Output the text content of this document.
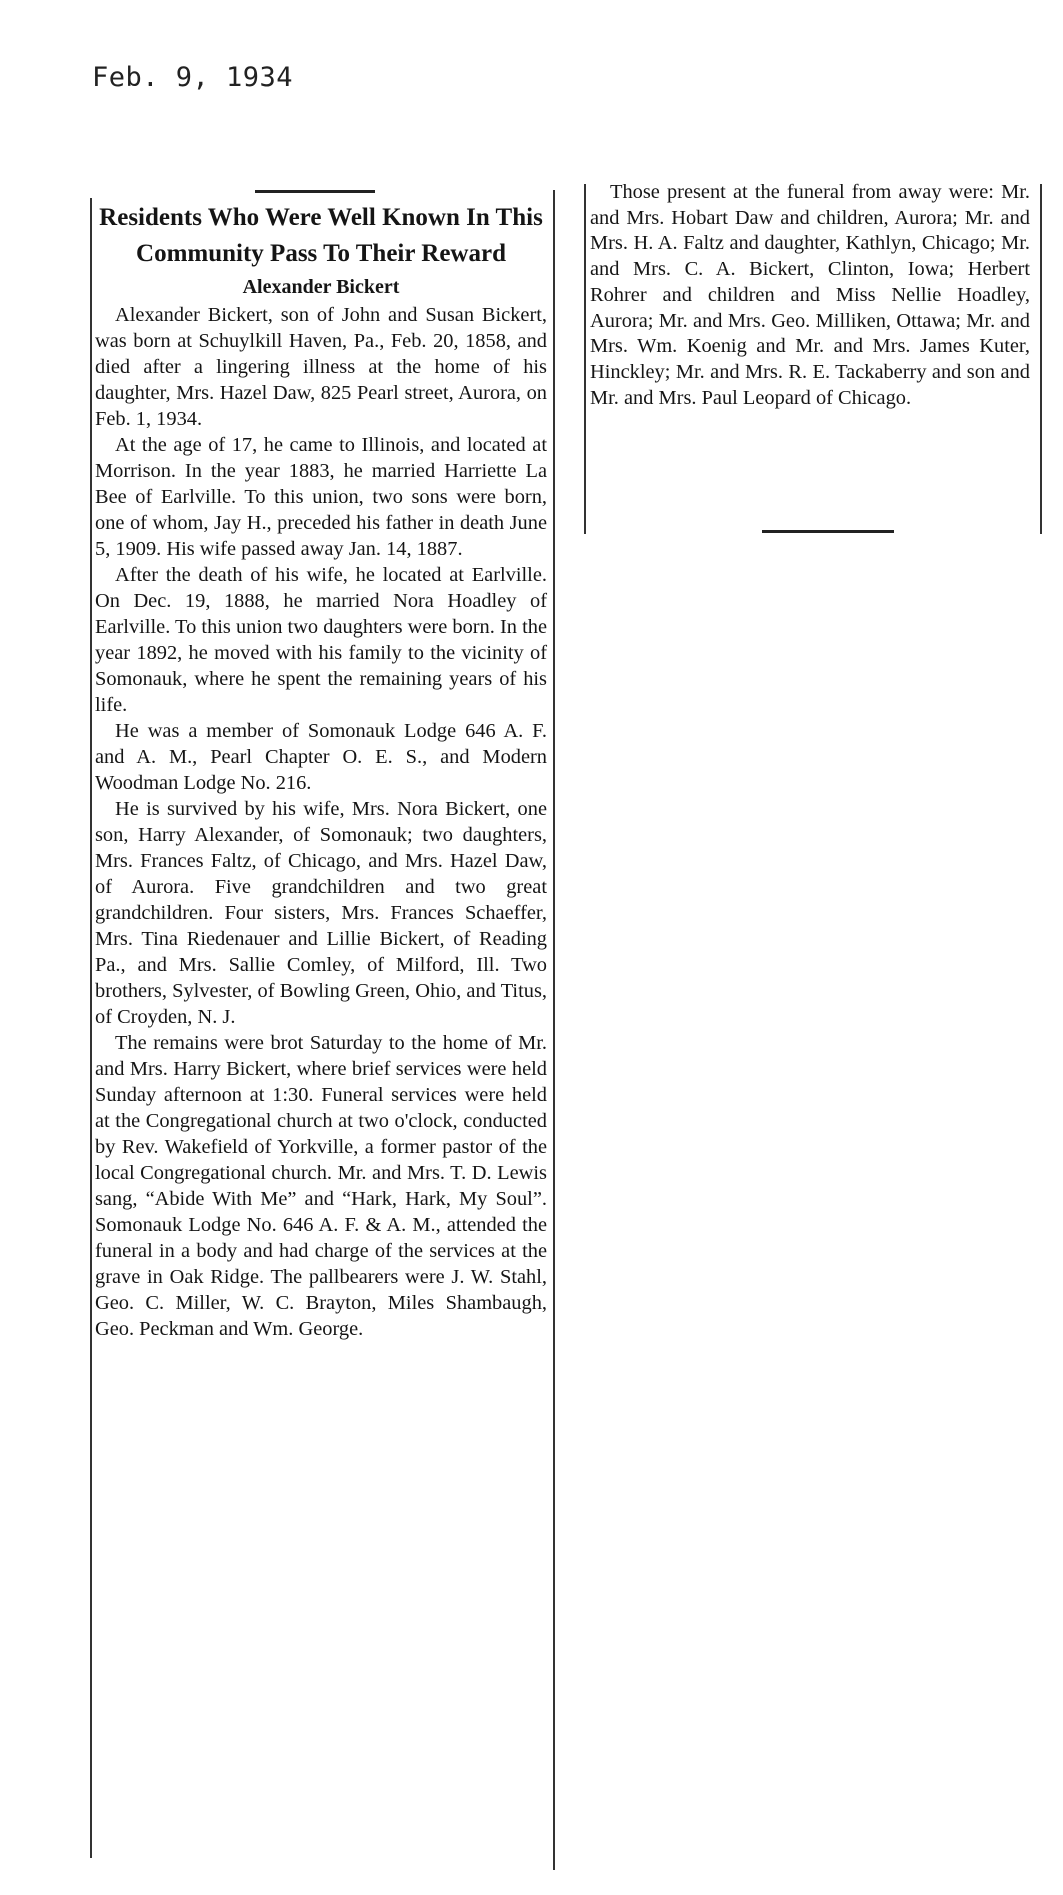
Feb. 9, 1934
Residents Who Were Well Known In This Community Pass To Their Reward
Alexander Bickert

Alexander Bickert, son of John and Susan Bickert, was born at Schuylkill Haven, Pa., Feb. 20, 1858, and died after a lingering illness at the home of his daughter, Mrs. Hazel Daw, 825 Pearl street, Aurora, on Feb. 1, 1934.

At the age of 17, he came to Illinois, and located at Morrison. In the year 1883, he married Harriette La Bee of Earlville. To this union, two sons were born, one of whom, Jay H., preceded his father in death June 5, 1909. His wife passed away Jan. 14, 1887.

After the death of his wife, he located at Earlville. On Dec. 19, 1888, he married Nora Hoadley of Earlville. To this union two daughters were born. In the year 1892, he moved with his family to the vicinity of Somonauk, where he spent the remaining years of his life.

He was a member of Somonauk Lodge 646 A. F. and A. M., Pearl Chapter O. E. S., and Modern Woodman Lodge No. 216.

He is survived by his wife, Mrs. Nora Bickert, one son, Harry Alexander, of Somonauk; two daughters, Mrs. Frances Faltz, of Chicago, and Mrs. Hazel Daw, of Aurora. Five grandchildren and two great grandchildren. Four sisters, Mrs. Frances Schaeffer, Mrs. Tina Riedenauer and Lillie Bickert, of Reading Pa., and Mrs. Sallie Comley, of Milford, Ill. Two brothers, Sylvester, of Bowling Green, Ohio, and Titus, of Croyden, N. J.

The remains were brot Saturday to the home of Mr. and Mrs. Harry Bickert, where brief services were held Sunday afternoon at 1:30. Funeral services were held at the Congregational church at two o'clock, conducted by Rev. Wakefield of Yorkville, a former pastor of the local Congregational church. Mr. and Mrs. T. D. Lewis sang, “Abide With Me” and “Hark, Hark, My Soul”. Somonauk Lodge No. 646 A. F. & A. M., attended the funeral in a body and had charge of the services at the grave in Oak Ridge. The pallbearers were J. W. Stahl, Geo. C. Miller, W. C. Brayton, Miles Shambaugh, Geo. Peckman and Wm. George.

Those present at the funeral from away were: Mr. and Mrs. Hobart Daw and children, Aurora; Mr. and Mrs. H. A. Faltz and daughter, Kathlyn, Chicago; Mr. and Mrs. C. A. Bickert, Clinton, Iowa; Herbert Rohrer and children and Miss Nellie Hoadley, Aurora; Mr. and Mrs. Geo. Milliken, Ottawa; Mr. and Mrs. Wm. Koenig and Mr. and Mrs. James Kuter, Hinckley; Mr. and Mrs. R. E. Tackaberry and son and Mr. and Mrs. Paul Leopard of Chicago.
